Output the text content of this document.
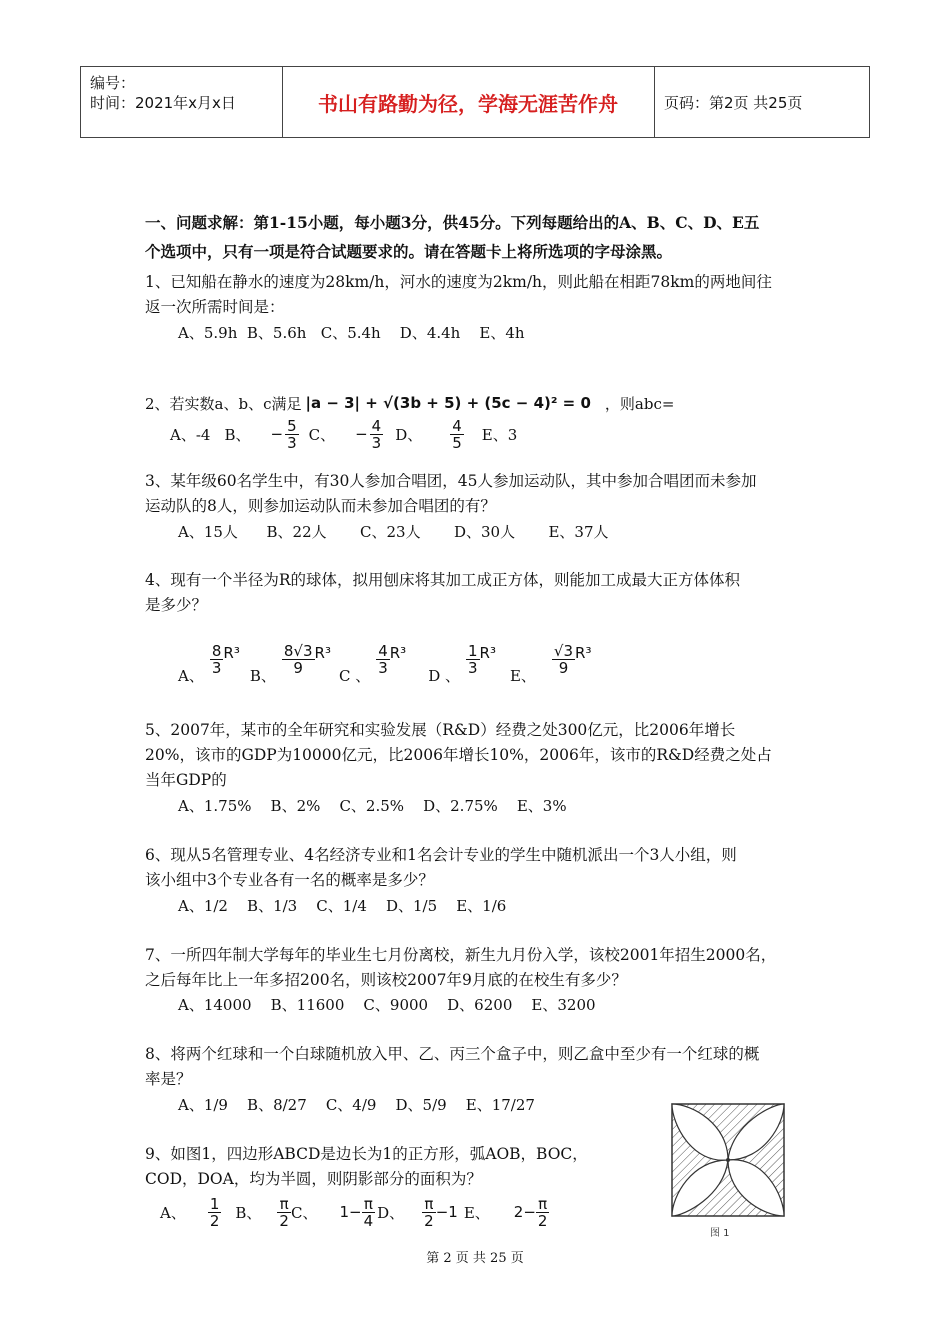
编号：
时间：2021年x月x日	书山有路勤为径，学海无涯苦作舟	页码：第2页 共25页
一、问题求解：第1-15小题，每小题3分，供45分。下列每题给出的A、B、C、D、E五
个选项中，只有一项是符合试题要求的。请在答题卡上将所选项的字母涂黑。
1、已知船在静水的速度为28km/h，河水的速度为2km/h，则此船在相距78km的两地间往
返一次所需时间是：
A、5.9h  B、5.6h   C、5.4h    D、4.4h    E、4h
2、若实数a、b、c满足 |a − 3| + √(3b + 5) + (5c − 4)² = 0 ，则abc=
A、-4 B、 − $\frac{5}{3}$ C、 − $\frac{4}{3}$ D、 $\frac{4}{5}$ E、3
3、某年级60名学生中，有30人参加合唱团，45人参加运动队，其中参加合唱团而未参加
运动队的8人，则参加运动队而未参加合唱团的有？
A、15人      B、22人       C、23人       D、30人       E、37人
4、现有一个半径为R的球体，拟用刨床将其加工成正方体，则能加工成最大正方体体积
是多少？
A、 $\frac{8}{3} R^3$
B、 $\frac{8√3}{9} R^3$
C 、 $\frac{4}{3} R^3$
D 、 $\frac{1}{3} R^3$
E、 $\frac{√3}{9} R^3$
5、2007年，某市的全年研究和实验发展（R&D）经费之处300亿元，比2006年增长
20%，该市的GDP为10000亿元，比2006年增长10%，2006年，该市的R&D经费之处占
当年GDP的
A、1.75%    B、2%    C、2.5%    D、2.75%    E、3%
6、现从5名管理专业、4名经济专业和1名会计专业的学生中随机派出一个3人小组，则
该小组中3个专业各有一名的概率是多少？
A、1/2    B、1/3    C、1/4    D、1/5    E、1/6
7、一所四年制大学每年的毕业生七月份离校，新生九月份入学，该校2001年招生2000名，
之后每年比上一年多招200名，则该校2007年9月底的在校生有多少？
A、14000    B、11600    C、9000    D、6200    E、3200
8、将两个红球和一个白球随机放入甲、乙、丙三个盒子中，则乙盒中至少有一个红球的概
率是？
A、1/9    B、8/27    C、4/9    D、5/9    E、17/27
9、如图1，四边形ABCD是边长为1的正方形，弧AOB，BOC，
COD，DOA，均为半圆，则阴影部分的面积为？
A、 $\frac{1}{2}$ B、 $\frac{\pi}{2}$ C、 $1- \frac{\pi}{4}$ D、 $\frac{\pi}{2} -1$ E、 $2- \frac{\pi}{2}$
图 1
第 2 页 共 25 页
